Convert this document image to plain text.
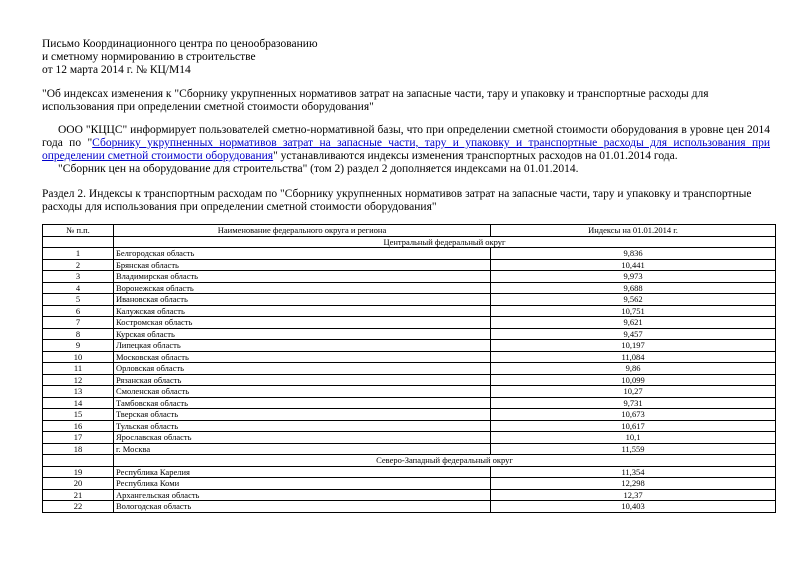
Письмо Координационного центра по ценообразованию
и сметному нормированию в строительстве
от 12 марта 2014 г. № КЦ/М14
"Об индексах изменения к "Сборнику укрупненных нормативов затрат на запасные части, тару и упаковку и транспортные расходы для использования при определении сметной стоимости оборудования"
ООО "КЦЦС" информирует пользователей сметно-нормативной базы, что при определении сметной стоимости оборудования в уровне цен 2014 года по "Сборнику укрупненных нормативов затрат на запасные части, тару и упаковку и транспортные расходы для использования при определении сметной стоимости оборудования" устанавливаются индексы изменения транспортных расходов на 01.01.2014 года.
"Сборник цен на оборудование для строительства" (том 2) раздел 2 дополняется индексами на 01.01.2014.
Раздел 2. Индексы к транспортным расходам по "Сборнику укрупненных нормативов затрат на запасные части, тару и упаковку и транспортные расходы для использования при определении сметной стоимости оборудования"
№ п.п.	Наименование федерального округа и региона	Индексы на 01.01.2014 г.
	Центральный федеральный округ	
1	Белгородская область	9,836
2	Брянская область	10,441
3	Владимирская область	9,973
4	Воронежская область	9,688
5	Ивановская область	9,562
6	Калужская область	10,751
7	Костромская область	9,621
8	Курская область	9,457
9	Липецкая область	10,197
10	Московская область	11,084
11	Орловская область	9,86
12	Рязанская область	10,099
13	Смоленская область	10,27
14	Тамбовская область	9,731
15	Тверская область	10,673
16	Тульская область	10,617
17	Ярославская область	10,1
18	г. Москва	11,559
	Северо-Западный федеральный округ	
19	Республика Карелия	11,354
20	Республика Коми	12,298
21	Архангельская область	12,37
22	Вологодская область	10,403
